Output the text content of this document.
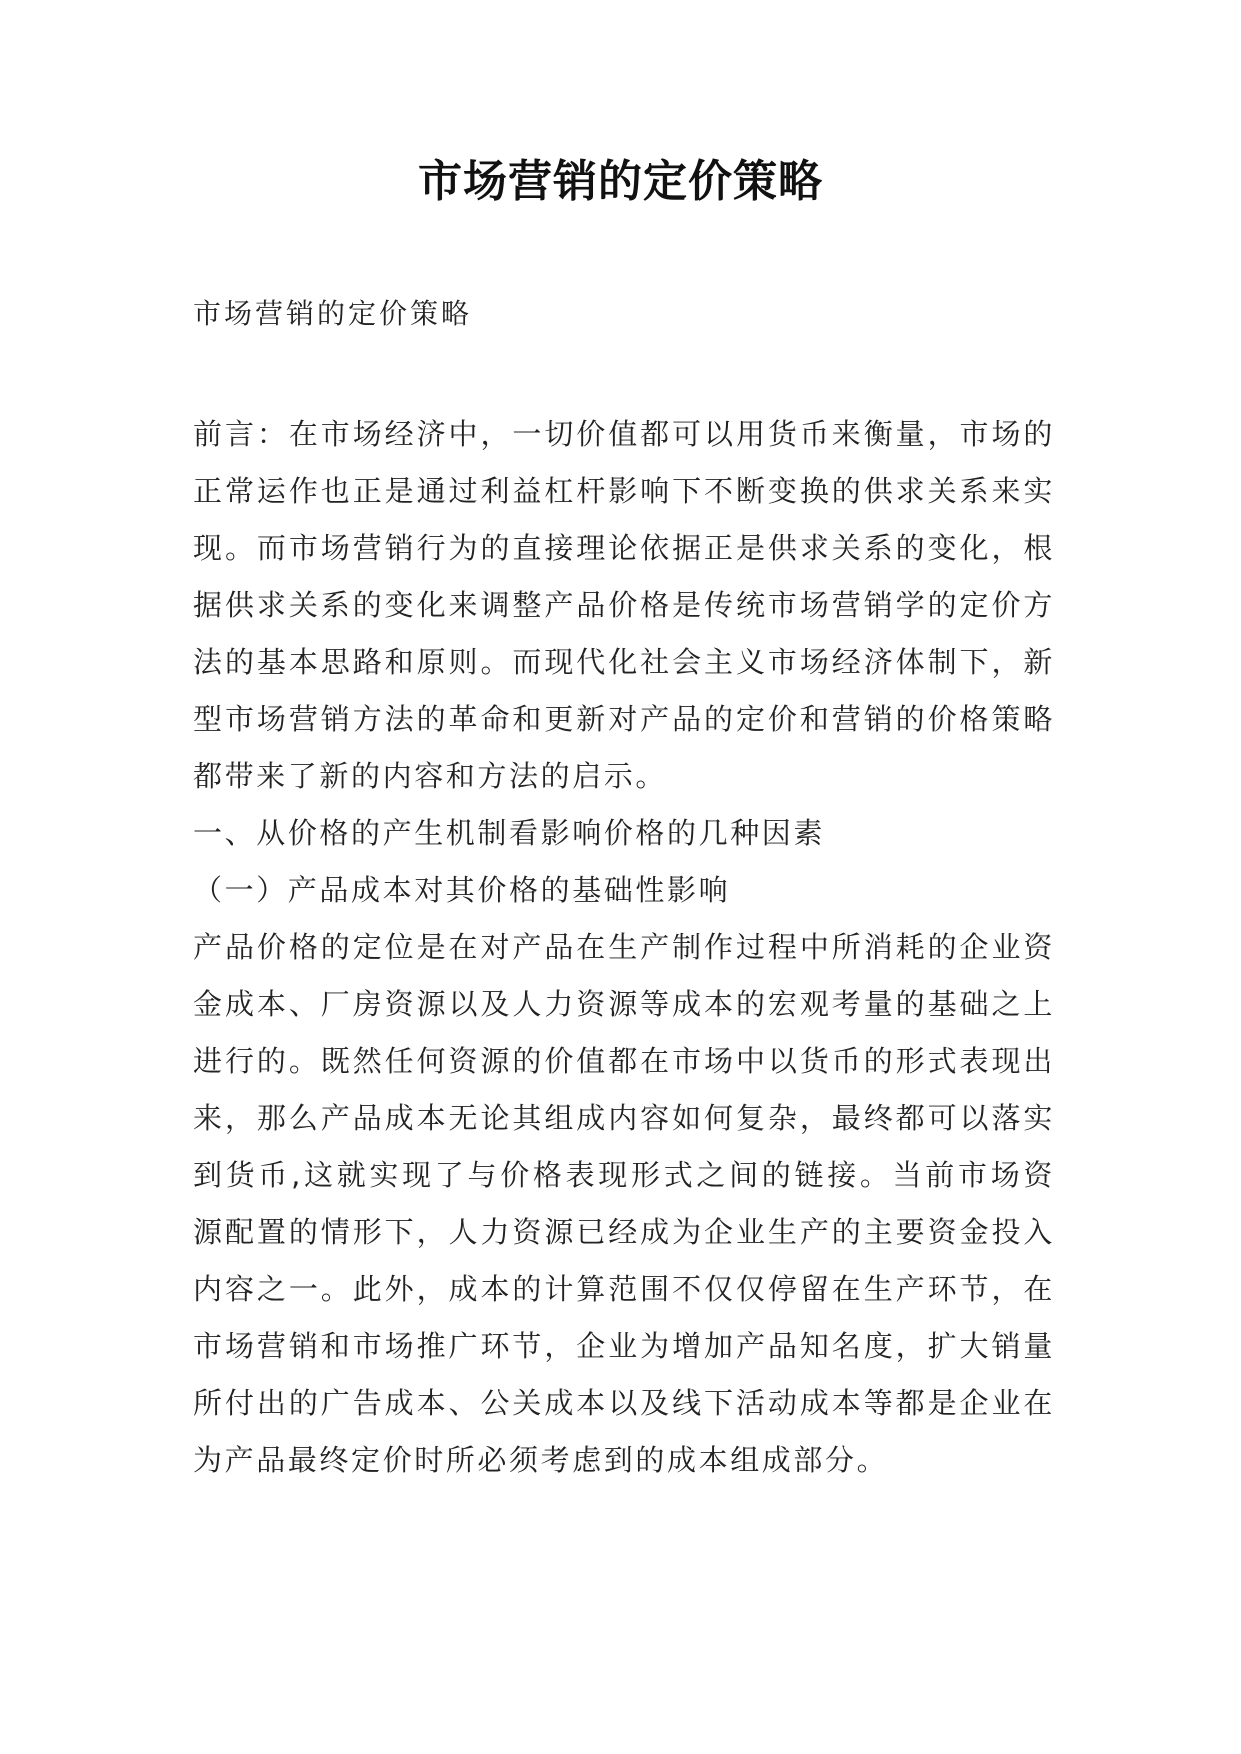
市场营销的定价策略

市场营销的定价策略

前言：在市场经济中，一切价值都可以用货币来衡量，市场的正常运作也正是通过利益杠杆影响下不断变换的供求关系来实现。而市场营销行为的直接理论依据正是供求关系的变化，根据供求关系的变化来调整产品价格是传统市场营销学的定价方法的基本思路和原则。而现代化社会主义市场经济体制下，新型市场营销方法的革命和更新对产品的定价和营销的价格策略都带来了新的内容和方法的启示。

一、从价格的产生机制看影响价格的几种因素

（一）产品成本对其价格的基础性影响

产品价格的定位是在对产品在生产制作过程中所消耗的企业资金成本、厂房资源以及人力资源等成本的宏观考量的基础之上进行的。既然任何资源的价值都在市场中以货币的形式表现出来，那么产品成本无论其组成内容如何复杂，最终都可以落实到货币,这就实现了与价格表现形式之间的链接。当前市场资源配置的情形下，人力资源已经成为企业生产的主要资金投入内容之一。此外，成本的计算范围不仅仅停留在生产环节，在市场营销和市场推广环节，企业为增加产品知名度，扩大销量所付出的广告成本、公关成本以及线下活动成本等都是企业在为产品最终定价时所必须考虑到的成本组成部分。
